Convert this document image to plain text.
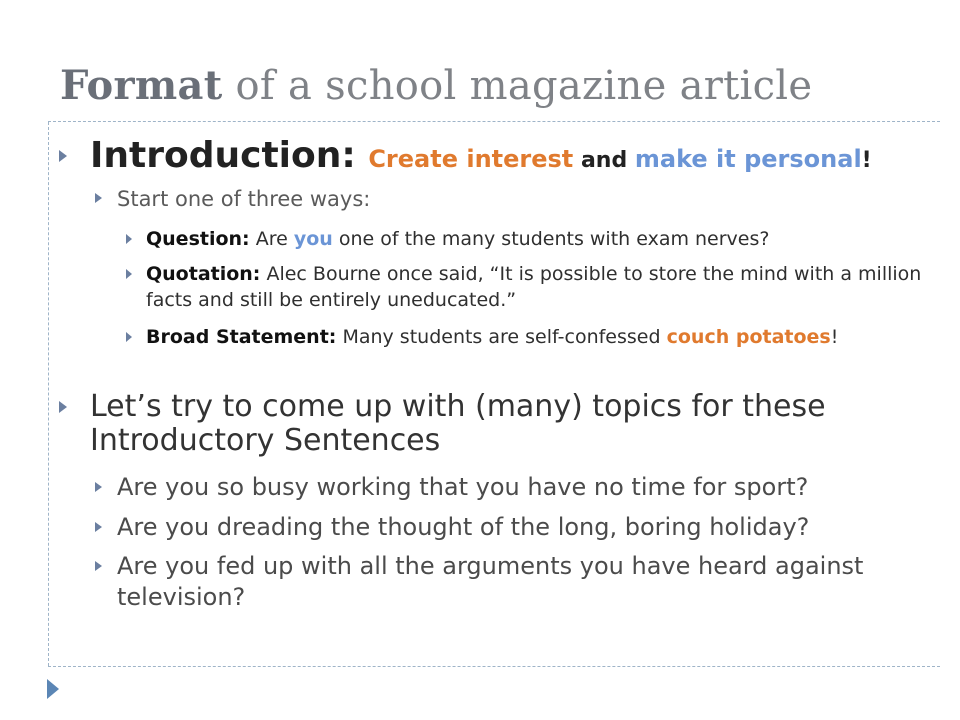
Format of a school magazine article

Introduction: Create interest and make it personal!

Start one of three ways:

Question: Are you one of the many students with exam nerves?

Quotation: Alec Bourne once said, “It is possible to store the mind with a million facts and still be entirely uneducated.”

Broad Statement: Many students are self-confessed couch potatoes!

Let’s try to come up with (many) topics for these Introductory Sentences

Are you so busy working that you have no time for sport?

Are you dreading the thought of the long, boring holiday?

Are you fed up with all the arguments you have heard against television?
